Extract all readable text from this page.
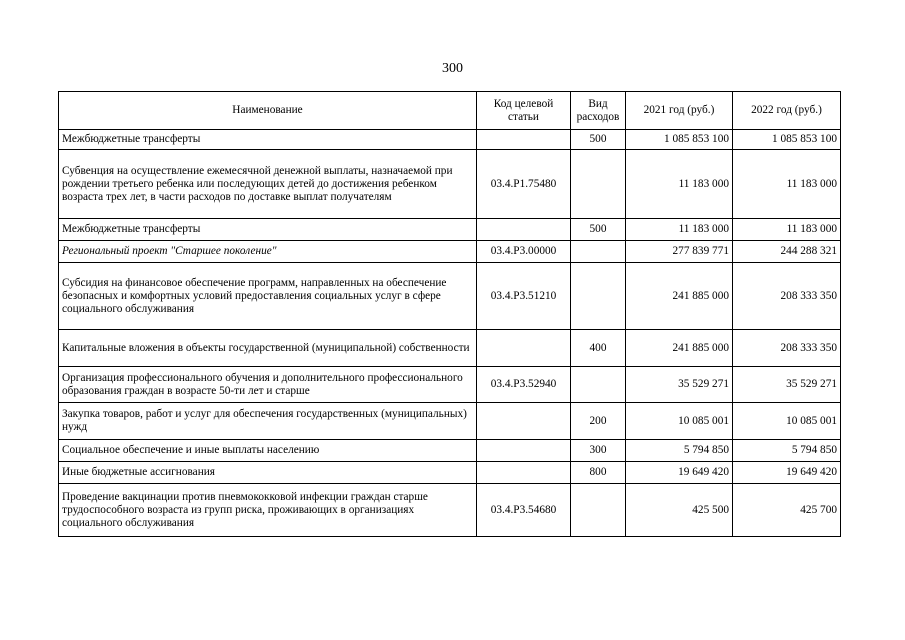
300
Наименование	Код целевой статьи	Вид расходов	2021 год (руб.)	2022 год (руб.)
Межбюджетные трансферты		500	1 085 853 100	1 085 853 100
Субвенция на осуществление ежемесячной денежной выплаты, назначаемой при рождении третьего ребенка или последующих детей до достижения ребенком возраста трех лет, в части расходов по доставке выплат получателям	03.4.Р1.75480		11 183 000	11 183 000
Межбюджетные трансферты		500	11 183 000	11 183 000
Региональный проект "Старшее поколение"	03.4.Р3.00000		277 839 771	244 288 321
Субсидия на финансовое обеспечение программ, направленных на обеспечение безопасных и комфортных условий предоставления социальных услуг в сфере социального обслуживания	03.4.Р3.51210		241 885 000	208 333 350
Капитальные вложения в объекты государственной (муниципальной) собственности		400	241 885 000	208 333 350
Организация профессионального обучения и дополнительного профессионального образования граждан в возрасте 50-ти лет и старше	03.4.Р3.52940		35 529 271	35 529 271
Закупка товаров, работ и услуг для обеспечения государственных (муниципальных) нужд		200	10 085 001	10 085 001
Социальное обеспечение и иные выплаты населению		300	5 794 850	5 794 850
Иные бюджетные ассигнования		800	19 649 420	19 649 420
Проведение вакцинации против пневмококковой инфекции граждан старше трудоспособного возраста из групп риска, проживающих в организациях социального обслуживания	03.4.Р3.54680		425 500	425 700
